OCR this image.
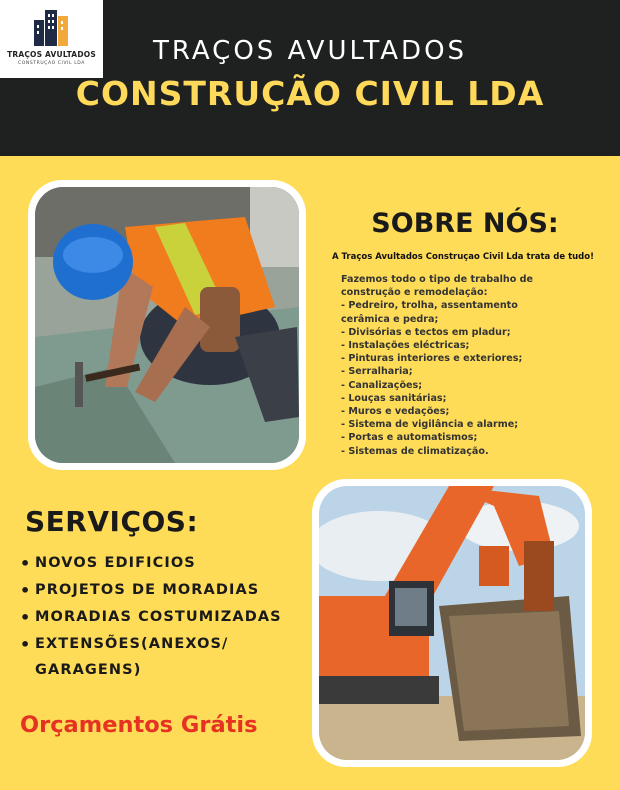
TRAÇOS AVULTADOS
CONSTRUÇAO CIVIL LDA	TRAÇOS AVULTADOS
CONSTRUÇÃO CIVIL LDA
SOBRE NÓS:
A Traços Avultados Construçao Civil Lda trata de tudo!
Fazemos todo o tipo de trabalho de
construção e remodelação:
- Pedreiro, trolha, assentamento
cerâmica e pedra;
- Divisórias e tectos em pladur;
- Instalações eléctricas;
- Pinturas interiores e exteriores;
- Serralharia;
- Canalizações;
- Louças sanitárias;
- Muros e vedações;
- Sistema de vigilância e alarme;
- Portas e automatismos;
- Sistemas de climatização.
SERVIÇOS:
• NOVOS EDIFICIOS
• PROJETOS DE MORADIAS
• MORADIAS COSTUMIZADAS
• EXTENSÕES(ANEXOS/
GARAGENS)
Orçamentos Grátis
